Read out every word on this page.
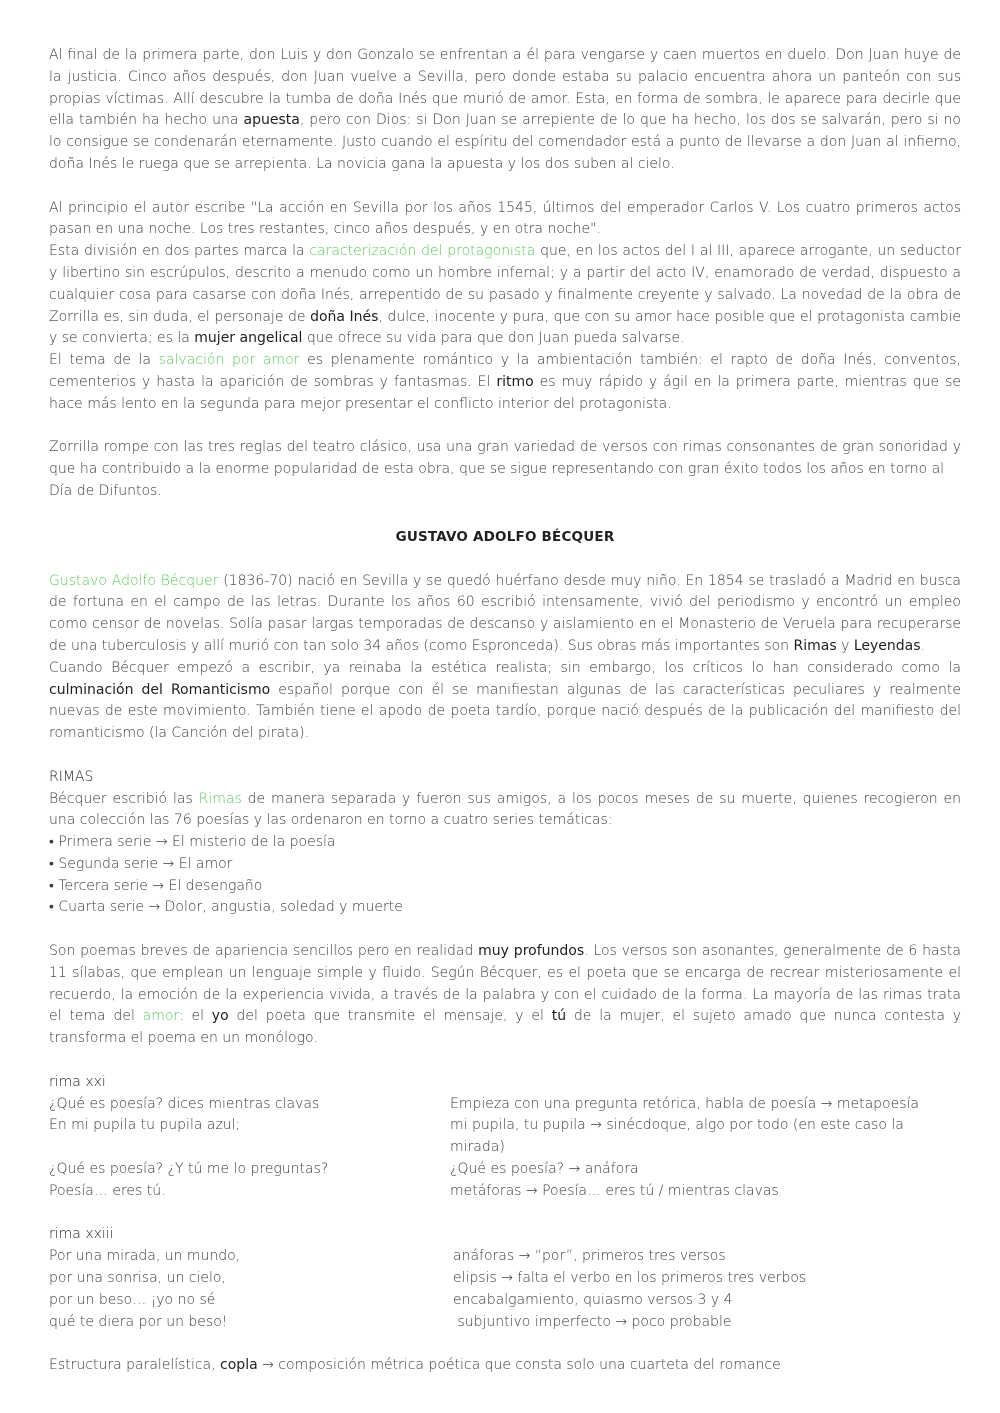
Al final de la primera parte, don Luis y don Gonzalo se enfrentan a él para vengarse y caen muertos en duelo. Don Juan huye de la justicia. Cinco años después, don Juan vuelve a Sevilla, pero donde estaba su palacio encuentra ahora un panteón con sus propias víctimas. Allí descubre la tumba de doña Inés que murió de amor. Esta, en forma de sombra, le aparece para decirle que ella también ha hecho una apuesta, pero con Dios: si Don Juan se arrepiente de lo que ha hecho, los dos se salvarán, pero si no lo consigue se condenarán eternamente. Justo cuando el espíritu del comendador está a punto de llevarse a don Juan al infierno, doña Inés le ruega que se arrepienta. La novicia gana la apuesta y los dos suben al cielo.

Al principio el autor escribe "La acción en Sevilla por los años 1545, últimos del emperador Carlos V. Los cuatro primeros actos pasan en una noche. Los tres restantes, cinco años después, y en otra noche".

Esta división en dos partes marca la caracterización del protagonista que, en los actos del I al III, aparece arrogante, un seductor y libertino sin escrúpulos, descrito a menudo como un hombre infernal; y a partir del acto IV, enamorado de verdad, dispuesto a cualquier cosa para casarse con doña Inés, arrepentido de su pasado y finalmente creyente y salvado. La novedad de la obra de Zorrilla es, sin duda, el personaje de doña Inés, dulce, inocente y pura, que con su amor hace posible que el protagonista cambie y se convierta; es la mujer angelical que ofrece su vida para que don Juan pueda salvarse.

El tema de la salvación por amor es plenamente romántico y la ambientación también: el rapto de doña Inés, conventos, cementerios y hasta la aparición de sombras y fantasmas. El ritmo es muy rápido y ágil en la primera parte, mientras que se hace más lento en la segunda para mejor presentar el conflicto interior del protagonista.

Zorrilla rompe con las tres reglas del teatro clásico, usa una gran variedad de versos con rimas consonantes de gran sonoridad y que ha contribuido a la enorme popularidad de esta obra, que se sigue representando con gran éxito todos los años en torno al
Día de Difuntos.

GUSTAVO ADOLFO BÉCQUER

Gustavo Adolfo Bécquer (1836-70) nació en Sevilla y se quedó huérfano desde muy niño. En 1854 se trasladó a Madrid en busca de fortuna en el campo de las letras. Durante los años 60 escribió intensamente, vivió del periodismo y encontró un empleo como censor de novelas. Solía pasar largas temporadas de descanso y aislamiento en el Monasterio de Veruela para recuperarse de una tuberculosis y allí murió con tan solo 34 años (como Espronceda). Sus obras más importantes son Rimas y Leyendas.

Cuando Bécquer empezó a escribir, ya reinaba la estética realista; sin embargo, los críticos lo han considerado como la culminación del Romanticismo español porque con él se manifiestan algunas de las características peculiares y realmente nuevas de este movimiento. También tiene el apodo de poeta tardío, porque nació después de la publicación del manifiesto del romanticismo (la Canción del pirata).

RIMAS

Bécquer escribió las Rimas de manera separada y fueron sus amigos, a los pocos meses de su muerte, quienes recogieron en una colección las 76 poesías y las ordenaron en torno a cuatro series temáticas:

• Primera serie → El misterio de la poesía
• Segunda serie → El amor
• Tercera serie → El desengaño
• Cuarta serie → Dolor, angustia, soledad y muerte

Son poemas breves de apariencia sencillos pero en realidad muy profundos. Los versos son asonantes, generalmente de 6 hasta 11 sílabas, que emplean un lenguaje simple y fluido. Según Bécquer, es el poeta que se encarga de recrear misteriosamente el recuerdo, la emoción de la experiencia vivida, a través de la palabra y con el cuidado de la forma. La mayoría de las rimas trata el tema del amor: el yo del poeta que transmite el mensaje, y el tú de la mujer, el sujeto amado que nunca contesta y transforma el poema en un monólogo.

rima xxi
¿Qué es poesía? dices mientras clavas	Empieza con una pregunta retórica, habla de poesía → metapoesía
En mi pupila tu pupila azul;	mi pupila, tu pupila → sinécdoque, algo por todo (en este caso la mirada)
¿Qué es poesía? ¿Y tú me lo preguntas?	¿Qué es poesía? → anáfora
Poesía… eres tú.	metáforas → Poesía… eres tú / mientras clavas
rima xxiii
Por una mirada, un mundo,	anáforas → “por”, primeros tres versos
por una sonrisa, un cielo,	elipsis → falta el verbo en los primeros tres verbos
por un beso… ¡yo no sé	encabalgamiento, quiasmo versos 3 y 4
qué te diera por un beso!	subjuntivo imperfecto → poco probable

Estructura paralelística, copla → composición métrica poética que consta solo una cuarteta del romance
